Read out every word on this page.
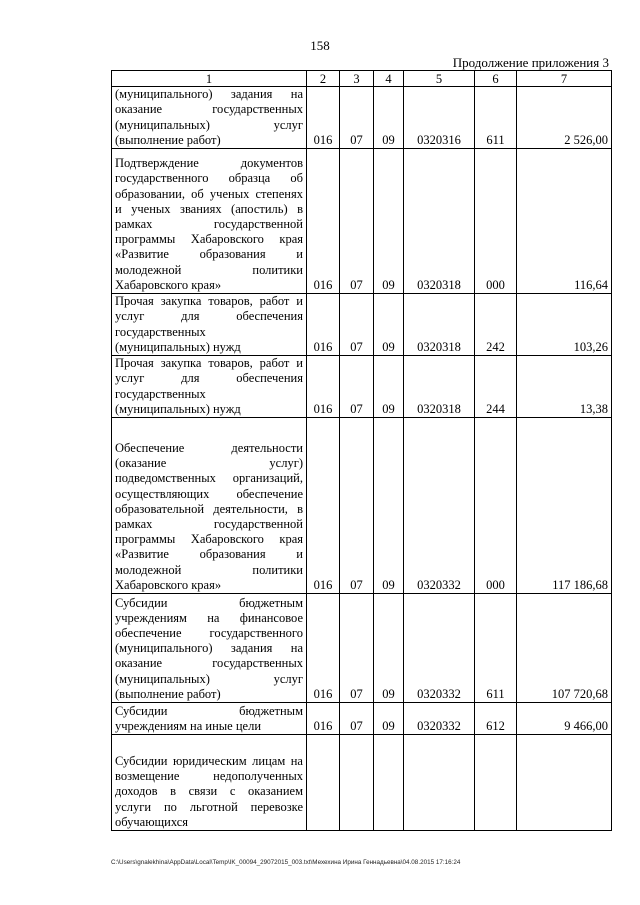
158
Продолжение приложения 3
1	2	3	4	5	6	7
(муниципального) задания на оказание государственных (муниципальных) услуг (выполнение работ)	016	07	09	0320316	611	2 526,00
Подтверждение документов государственного образца об образовании, об ученых степенях и ученых званиях (апостиль) в рамках государственной программы Хабаровского края «Развитие образования и молодежной политики Хабаровского края»	016	07	09	0320318	000	116,64
Прочая закупка товаров, работ и услуг для обеспечения государственных (муниципальных) нужд	016	07	09	0320318	242	103,26
Прочая закупка товаров, работ и услуг для обеспечения государственных (муниципальных) нужд	016	07	09	0320318	244	13,38
Обеспечение деятельности (оказание услуг) подведомственных организаций, осуществляющих обеспечение образовательной деятельности, в рамках государственной программы Хабаровского края «Развитие образования и молодежной политики Хабаровского края»	016	07	09	0320332	000	117 186,68
Субсидии бюджетным учреждениям на финансовое обеспечение государственного (муниципального) задания на оказание государственных (муниципальных) услуг (выполнение работ)	016	07	09	0320332	611	107 720,68
Субсидии бюджетным учреждениям на иные цели	016	07	09	0320332	612	9 466,00
Субсидии юридическим лицам на возмещение недополученных доходов в связи с оказанием услуги по льготной перевозке обучающихся						
C:\Users\gnalekhina\AppData\Local\Temp\IK_00094_29072015_003.txt\Мехехина Ирина Геннадьевна\04.08.2015 17:16:24
